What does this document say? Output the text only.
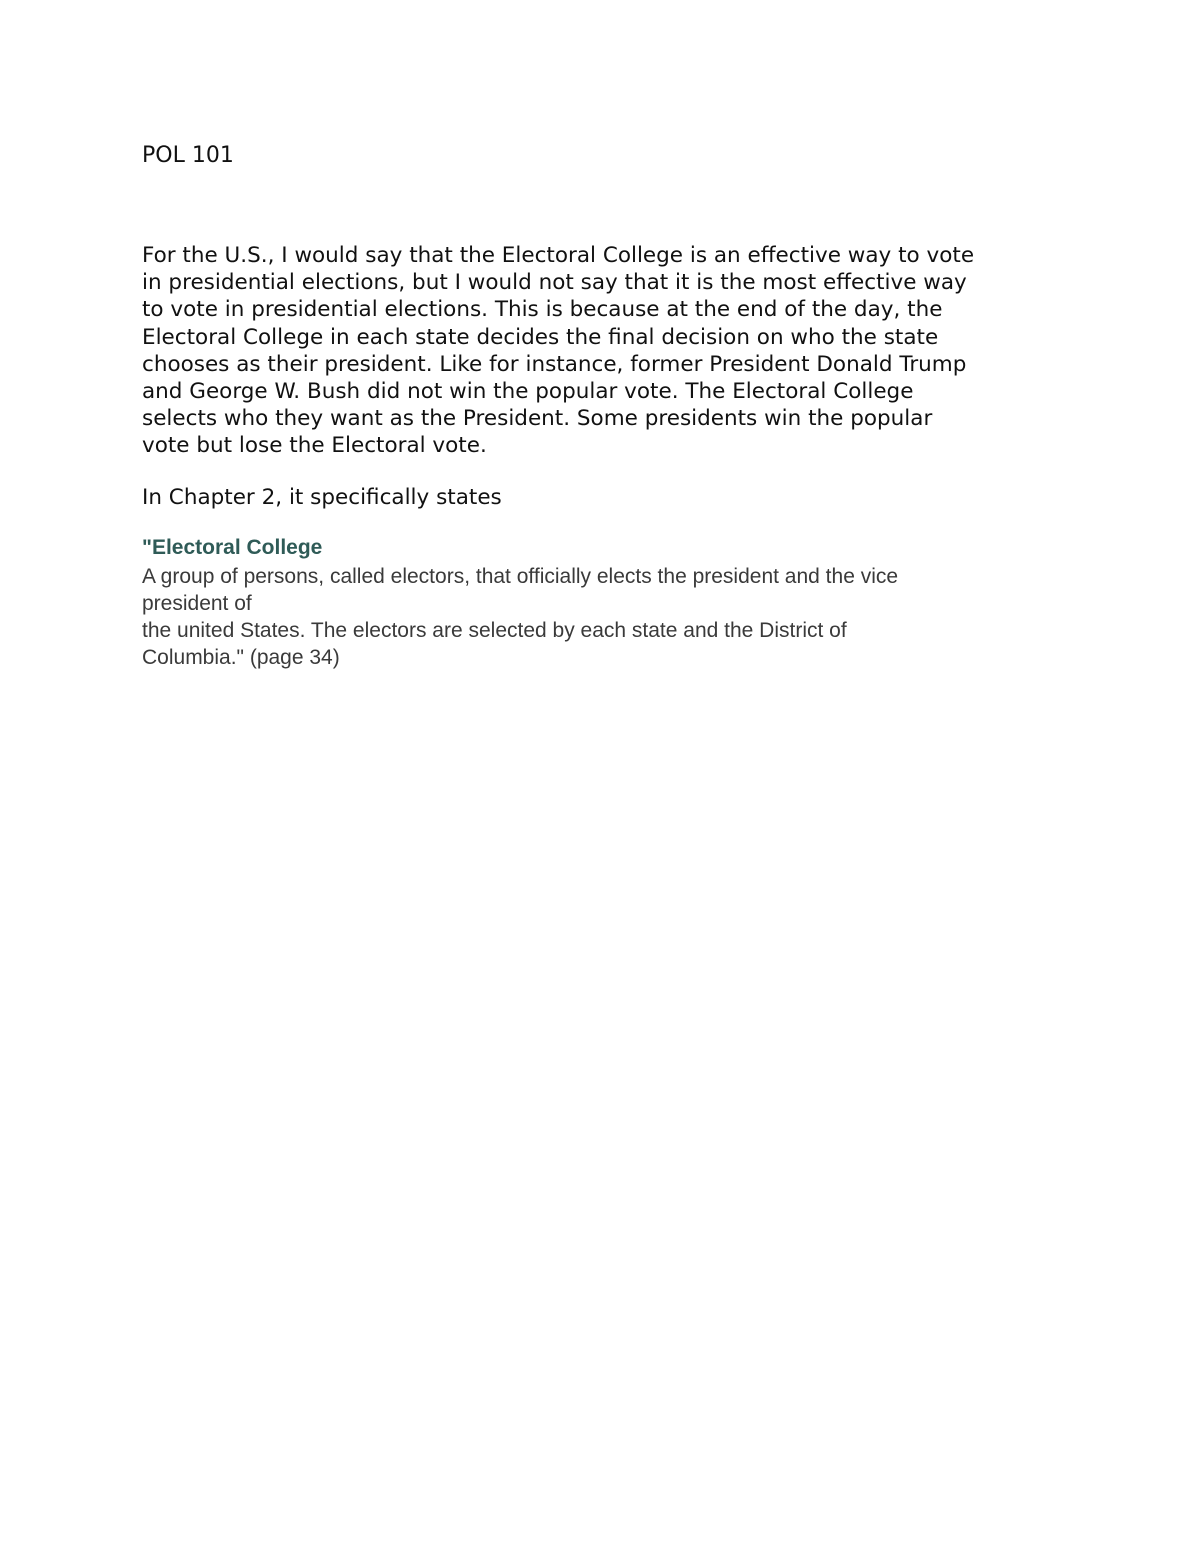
POL 101

For the U.S., I would say that the Electoral College is an effective way to vote
in presidential elections, but I would not say that it is the most effective way
to vote in presidential elections. This is because at the end of the day, the
Electoral College in each state decides the final decision on who the state
chooses as their president. Like for instance, former President Donald Trump
and George W. Bush did not win the popular vote. The Electoral College
selects who they want as the President. Some presidents win the popular
vote but lose the Electoral vote.

In Chapter 2, it specifically states

"Electoral College

A group of persons, called electors, that officially elects the president and the vice
president of
the united States. The electors are selected by each state and the District of
Columbia." (page 34)
